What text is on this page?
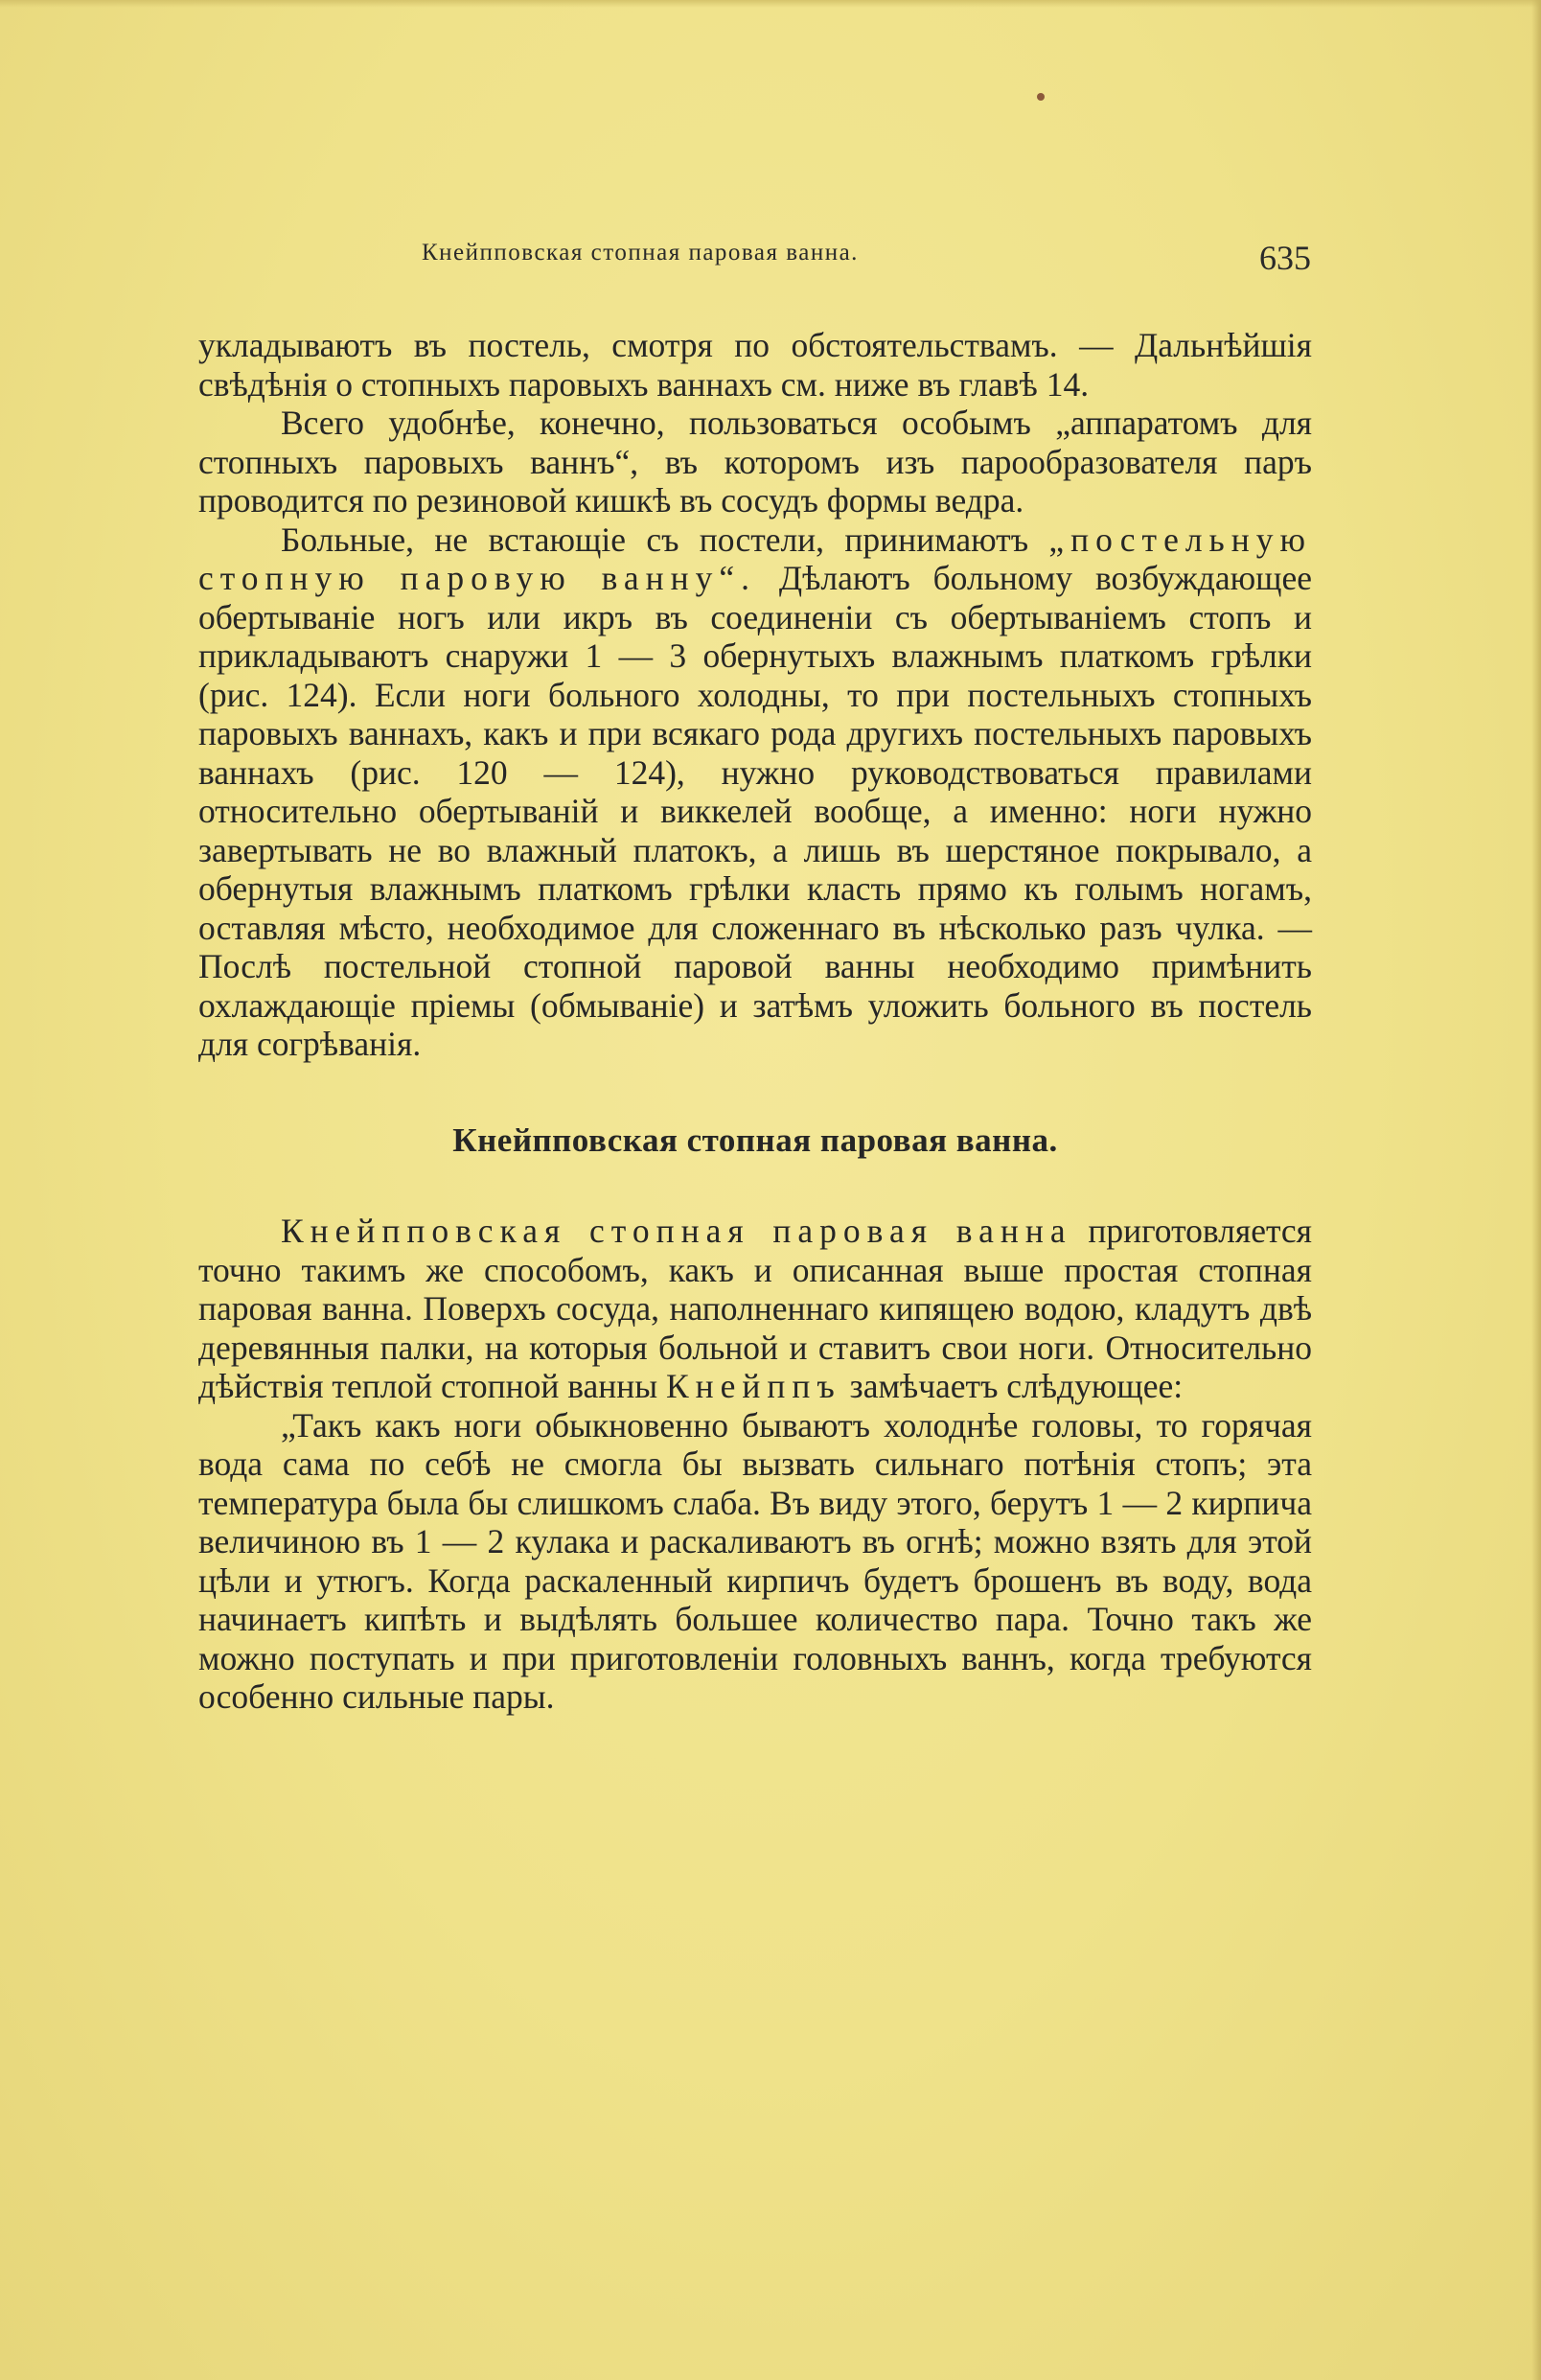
Кнейпповская стопная паровая ванна.	635

укладываютъ въ постель, смотря по обстоятельствамъ. — Дальнѣйшія свѣдѣнія о стопныхъ паровыхъ ваннахъ см. ниже въ главѣ 14.

Всего удобнѣе, конечно, пользоваться особымъ „аппаратомъ для стопныхъ паровыхъ ваннъ“, въ которомъ изъ парообразователя паръ проводится по резиновой кишкѣ въ сосудъ формы ведра.

Больные, не встающіе съ постели, принимаютъ „постельную стопную паровую ванну“. Дѣлаютъ больному возбуждающее обертываніе ногъ или икръ въ соединеніи съ обертываніемъ стопъ и прикладываютъ снаружи 1 — 3 обернутыхъ влажнымъ платкомъ грѣлки (рис. 124). Если ноги больного холодны, то при постельныхъ стопныхъ паровыхъ ваннахъ, какъ и при всякаго рода другихъ постельныхъ паровыхъ ваннахъ (рис. 120 — 124), нужно руководствоваться правилами относительно обертываній и виккелей вообще, а именно: ноги нужно завертывать не во влажный платокъ, а лишь въ шерстяное покрывало, а обернутыя влажнымъ платкомъ грѣлки класть прямо къ голымъ ногамъ, оставляя мѣсто, необходимое для сложеннаго въ нѣсколько разъ чулка. — Послѣ постельной стопной паровой ванны необходимо примѣнить охлаждающіе пріемы (обмываніе) и затѣмъ уложить больного въ постель для согрѣванія.

Кнейпповская стопная паровая ванна.

Кнейпповская стопная паровая ванна приготовляется точно такимъ же способомъ, какъ и описанная выше простая стопная паровая ванна. Поверхъ сосуда, наполненнаго кипящею водою, кладутъ двѣ деревянныя палки, на которыя больной и ставитъ свои ноги. Относительно дѣйствія теплой стопной ванны Кнейппъ замѣчаетъ слѣдующее:

„Такъ какъ ноги обыкновенно бываютъ холоднѣе головы, то горячая вода сама по себѣ не смогла бы вызвать сильнаго потѣнія стопъ; эта температура была бы слишкомъ слаба. Въ виду этого, берутъ 1 — 2 кирпича величиною въ 1 — 2 кулака и раскаливаютъ въ огнѣ; можно взять для этой цѣли и утюгъ. Когда раскаленный кирпичъ будетъ брошенъ въ воду, вода начинаетъ кипѣть и выдѣлять большее количество пара. Точно такъ же можно поступать и при приготовленіи головныхъ ваннъ, когда требуются особенно сильные пары.
